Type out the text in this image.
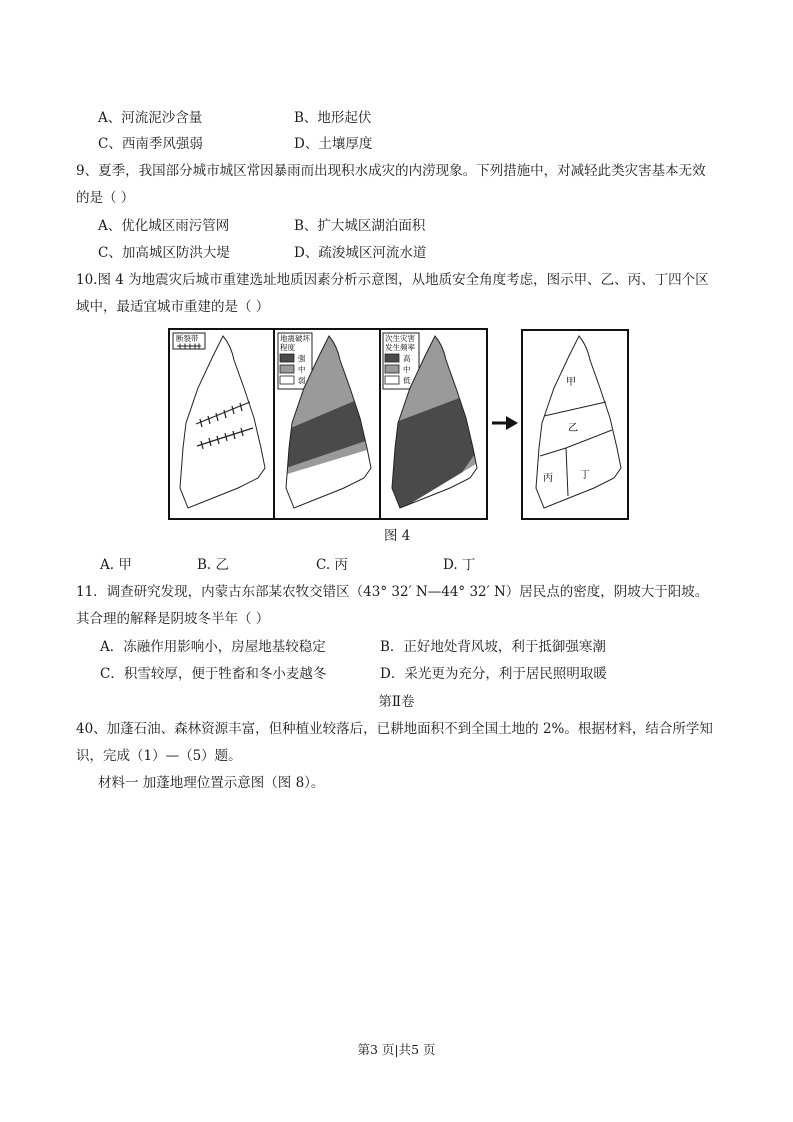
A、河流泥沙含量	B、地形起伏
C、西南季风强弱	D、土壤厚度
9、夏季，我国部分城市城区常因暴雨而出现积水成灾的内涝现象。下列措施中，对减轻此类灾害基本无效
的是（ ）
A、优化城区雨污管网	B、扩大城区湖泊面积
C、加高城区防洪大堤	D、疏浚城区河流水道
10.图 4 为地震灾后城市重建选址地质因素分析示意图，从地质安全角度考虑，图示甲、乙、丙、丁四个区
域中，最适宜城市重建的是（ ）
断裂带	地震破坏
程度
强
中
弱
次生灾害
发生频率
高
中
低	甲
乙
丙	丁
图 4
A. 甲	B. 乙	C. 丙	D. 丁
11．调查研究发现，内蒙古东部某农牧交错区（43° 32′ N—44° 32′ N）居民点的密度，阴坡大于阳坡。
其合理的解释是阴坡冬半年（ ）
A．冻融作用影响小，房屋地基较稳定	B．正好地处背风坡，利于抵御强寒潮
C．积雪较厚，便于牲畜和冬小麦越冬	D．采光更为充分，利于居民照明取暖
第Ⅱ卷
40、加蓬石油、森林资源丰富，但种植业较落后，已耕地面积不到全国土地的 2%。根据材料，结合所学知
识，完成（1）—（5）题。
材料一 加蓬地理位置示意图（图 8）。
第3 页|共5 页
